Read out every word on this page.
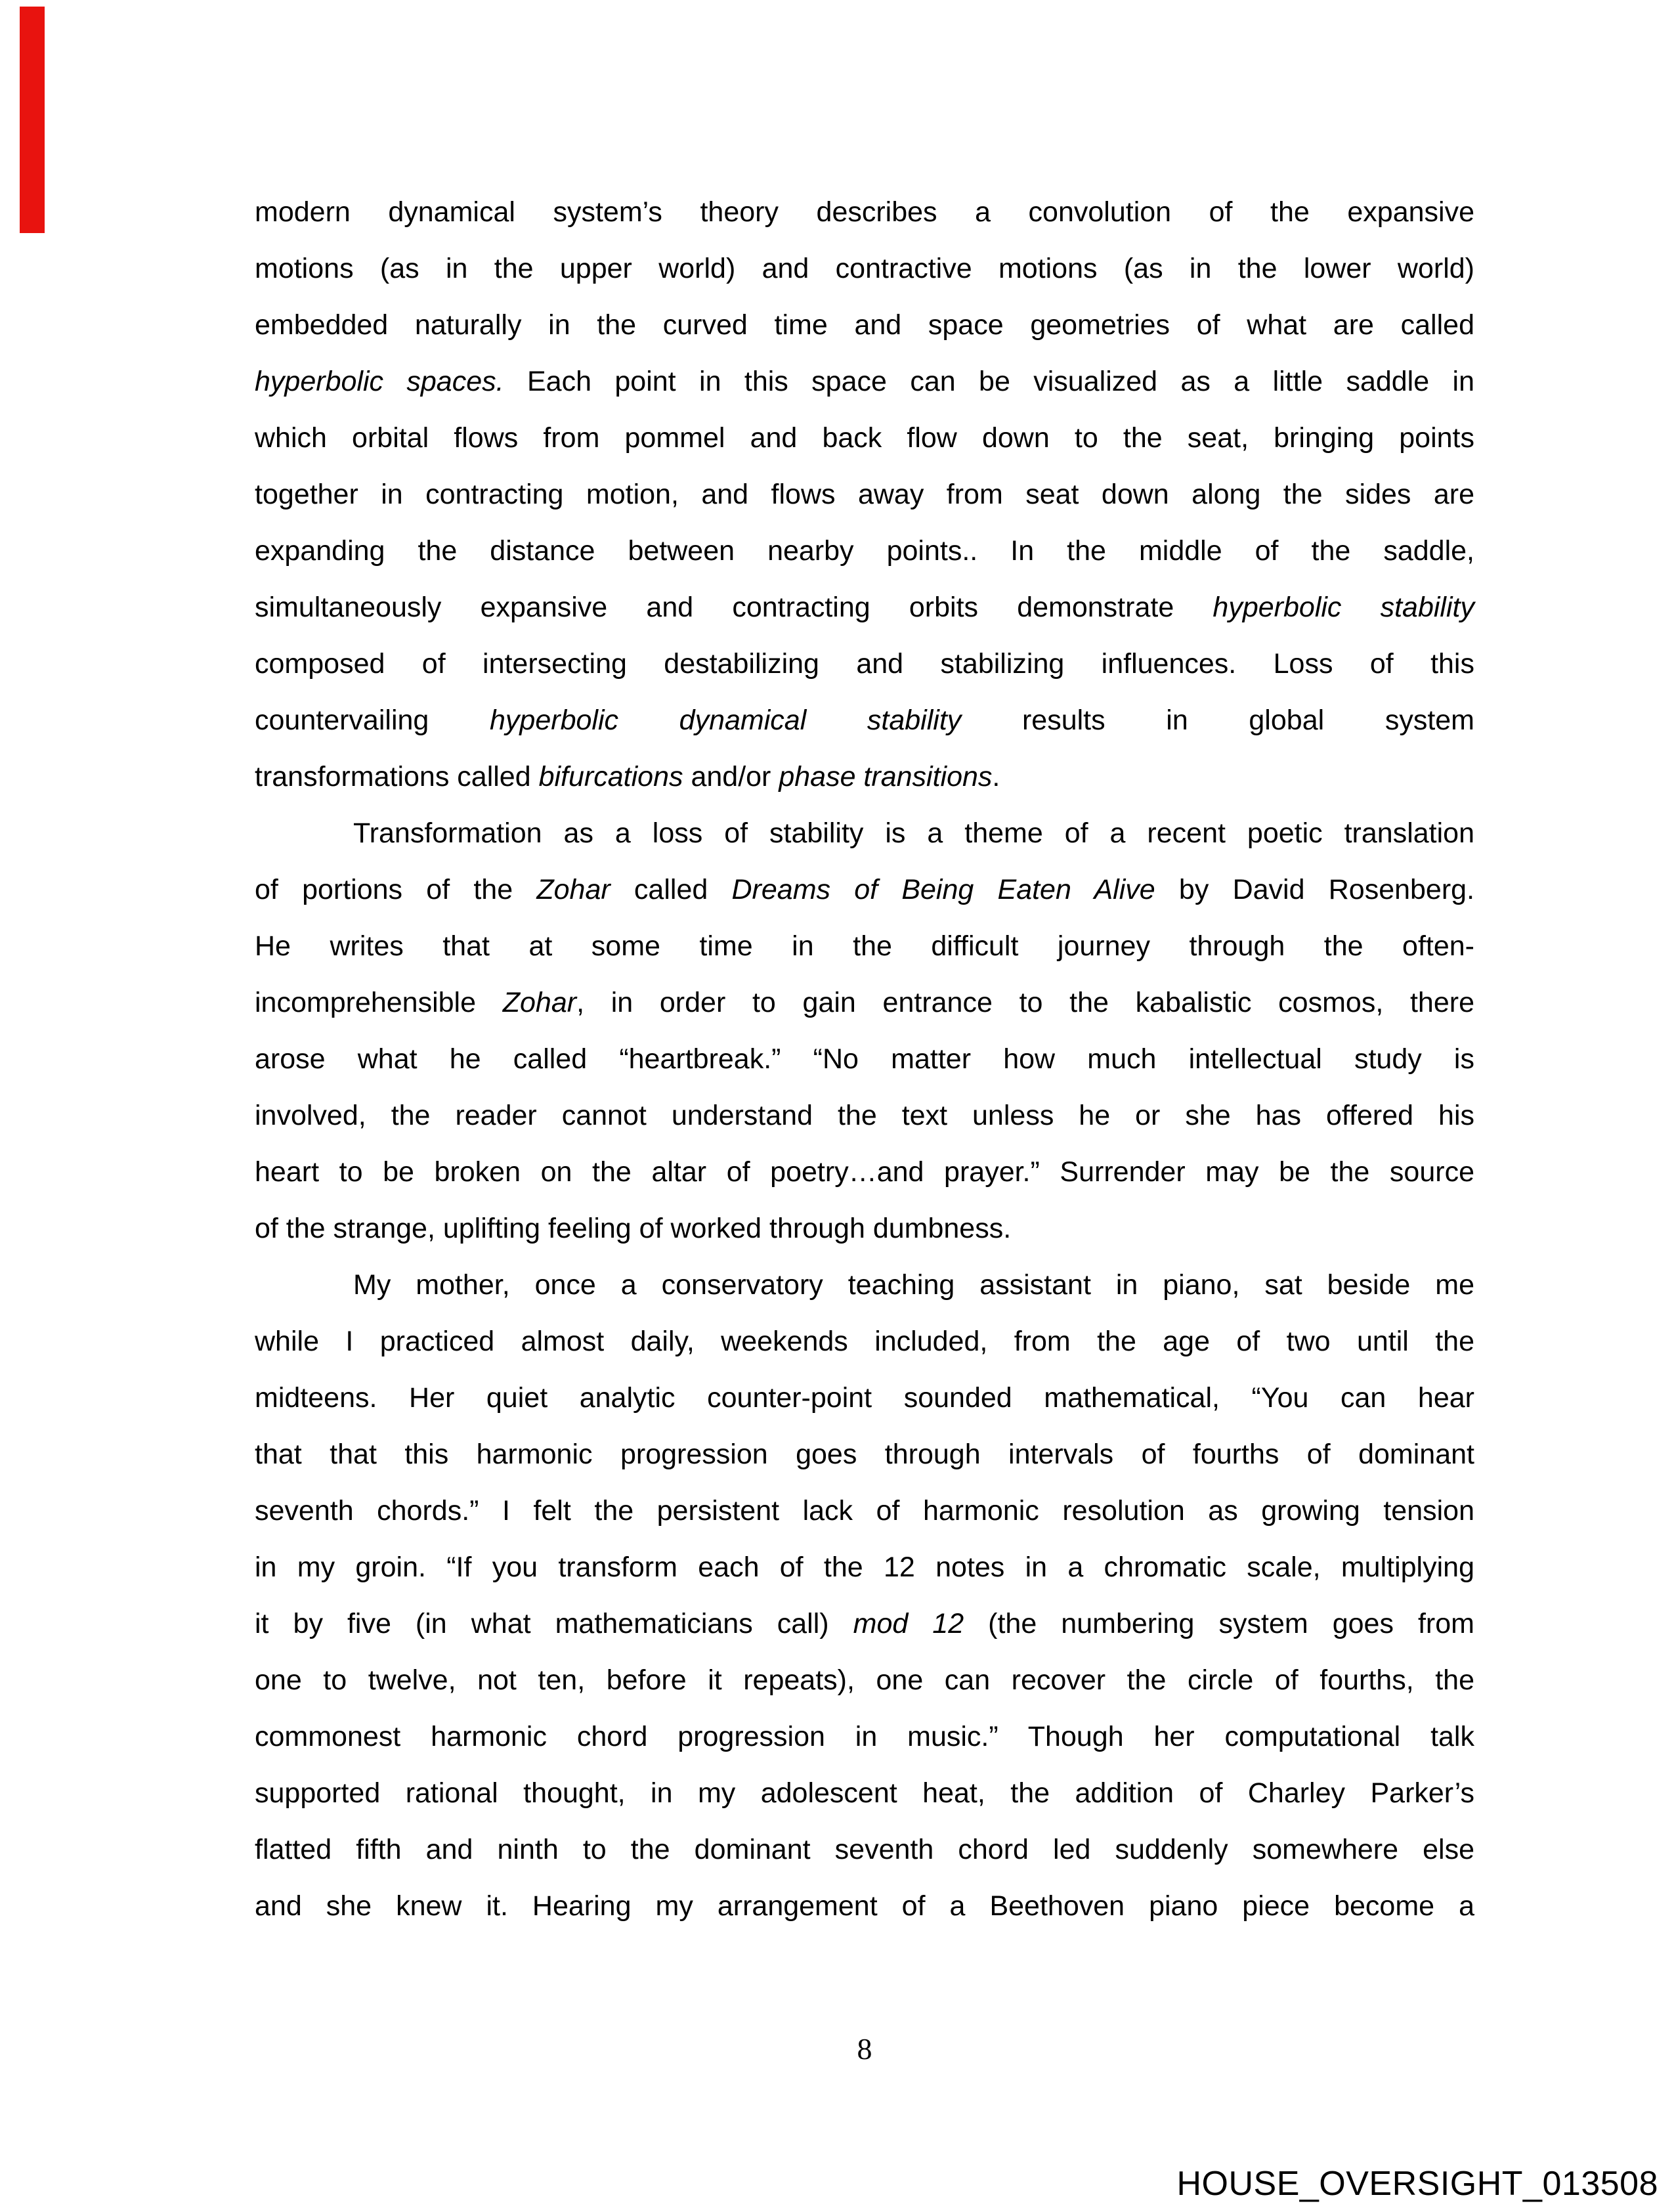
modern dynamical system’s theory describes a convolution of the expansive
motions (as in the upper world) and contractive motions (as in the lower world)
embedded naturally in the curved time and space geometries of what are called
hyperbolic spaces. Each point in this space can be visualized as a little saddle in
which orbital flows from pommel and back flow down to the seat, bringing points
together in contracting motion, and flows away from seat down along the sides are
expanding the distance between nearby points.. In the middle of the saddle,
simultaneously expansive and contracting orbits demonstrate hyperbolic stability
composed of intersecting destabilizing and stabilizing influences. Loss of this
countervailing hyperbolic dynamical stability results in global system
transformations called bifurcations and/or phase transitions.
Transformation as a loss of stability is a theme of a recent poetic translation
of portions of the Zohar called Dreams of Being Eaten Alive by David Rosenberg.
He writes that at some time in the difficult journey through the often-
incomprehensible Zohar, in order to gain entrance to the kabalistic cosmos, there
arose what he called “heartbreak.” “No matter how much intellectual study is
involved, the reader cannot understand the text unless he or she has offered his
heart to be broken on the altar of poetry…and prayer.” Surrender may be the source
of the strange, uplifting feeling of worked through dumbness.
My mother, once a conservatory teaching assistant in piano, sat beside me
while I practiced almost daily, weekends included, from the age of two until the
midteens. Her quiet analytic counter-point sounded mathematical, “You can hear
that that this harmonic progression goes through intervals of fourths of dominant
seventh chords.” I felt the persistent lack of harmonic resolution as growing tension
in my groin. “If you transform each of the 12 notes in a chromatic scale, multiplying
it by five (in what mathematicians call) mod 12 (the numbering system goes from
one to twelve, not ten, before it repeats), one can recover the circle of fourths, the
commonest harmonic chord progression in music.” Though her computational talk
supported rational thought, in my adolescent heat, the addition of Charley Parker’s
flatted fifth and ninth to the dominant seventh chord led suddenly somewhere else
and she knew it. Hearing my arrangement of a Beethoven piano piece become a
8
HOUSE_OVERSIGHT_013508
